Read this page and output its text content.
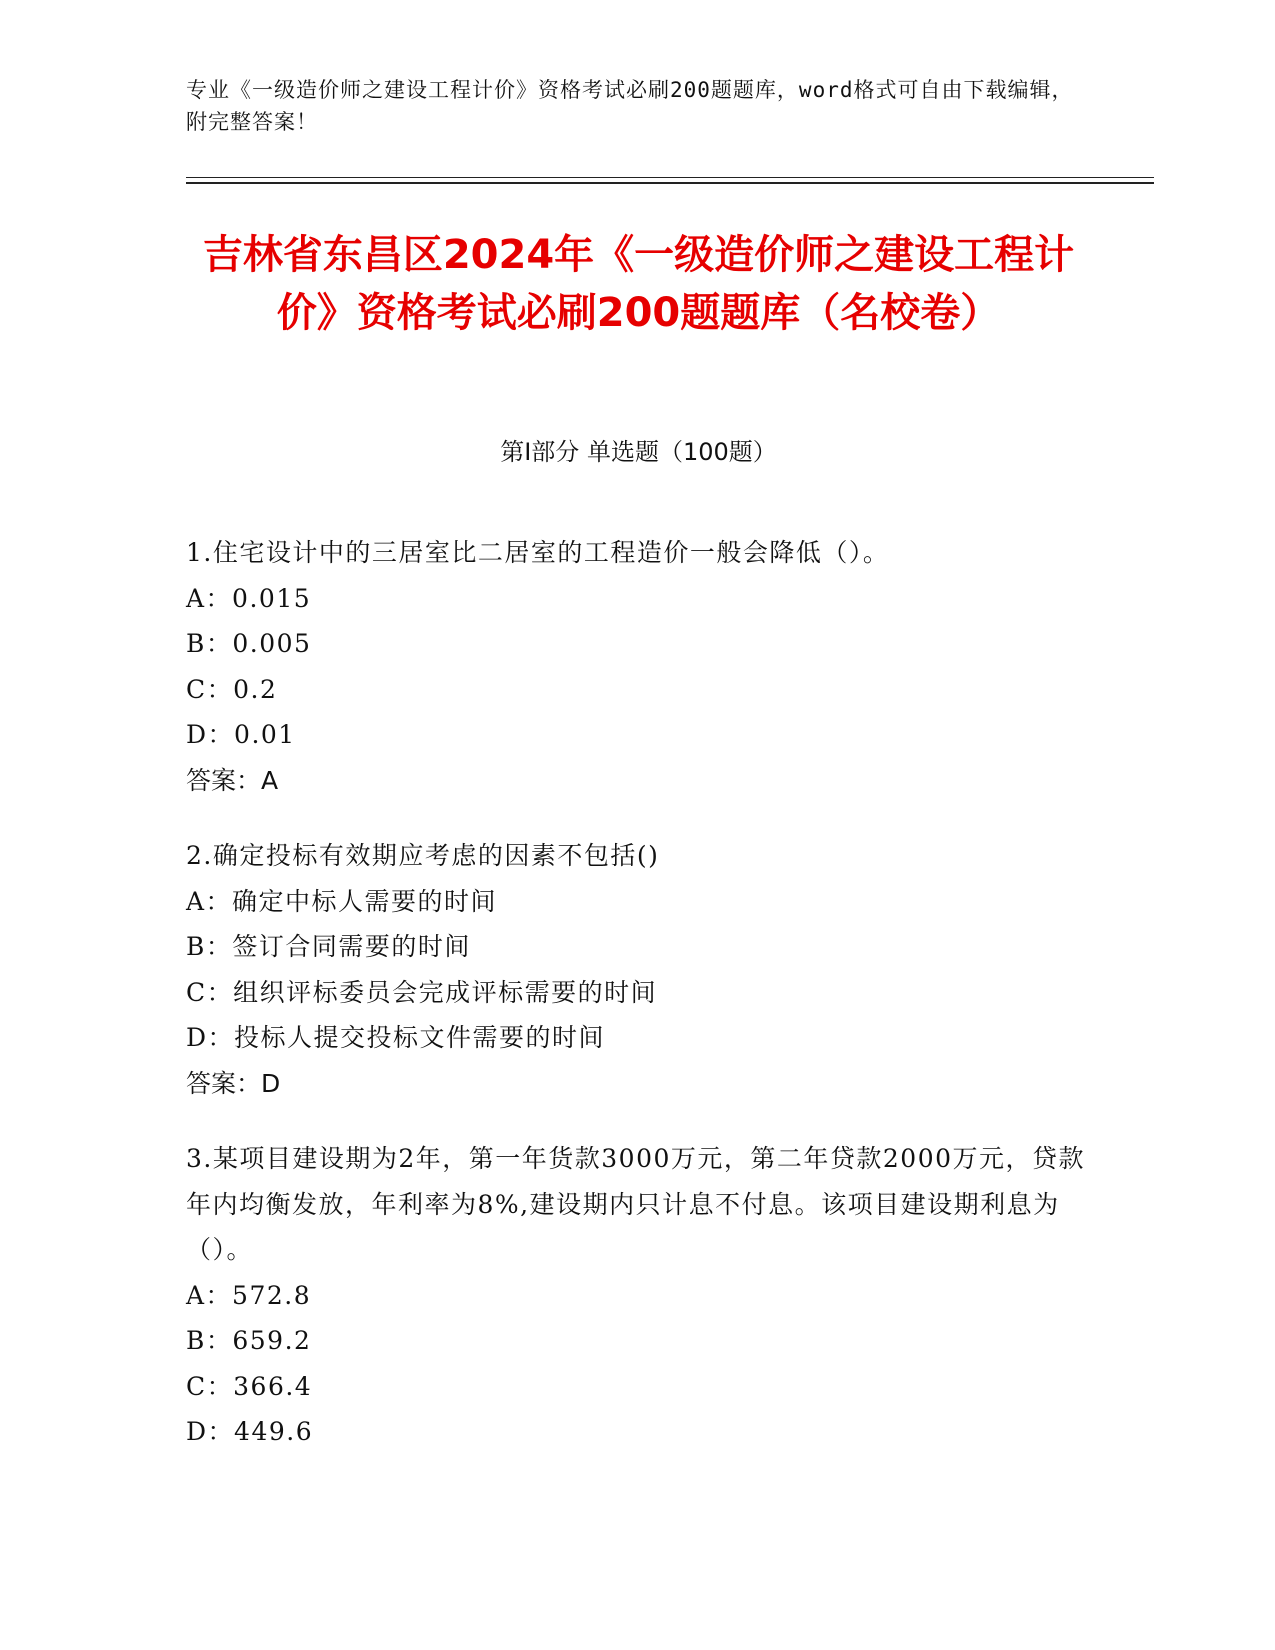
专业《一级造价师之建设工程计价》资格考试必刷200题题库，word格式可自由下载编辑，附完整答案！
吉林省东昌区2024年《一级造价师之建设工程计价》资格考试必刷200题题库（名校卷）
第Ⅰ部分 单选题（100题）
1.住宅设计中的三居室比二居室的工程造价一般会降低（）。
A：0.015
B：0.005
C：0.2
D：0.01
答案：A
2.确定投标有效期应考虑的因素不包括()
A：确定中标人需要的时间
B：签订合同需要的时间
C：组织评标委员会完成评标需要的时间
D：投标人提交投标文件需要的时间
答案：D
3.某项目建设期为2年，第一年货款3000万元，第二年贷款2000万元，贷款年内均衡发放，年利率为8%,建设期内只计息不付息。该项目建设期利息为（）。
A：572.8
B：659.2
C：366.4
D：449.6
